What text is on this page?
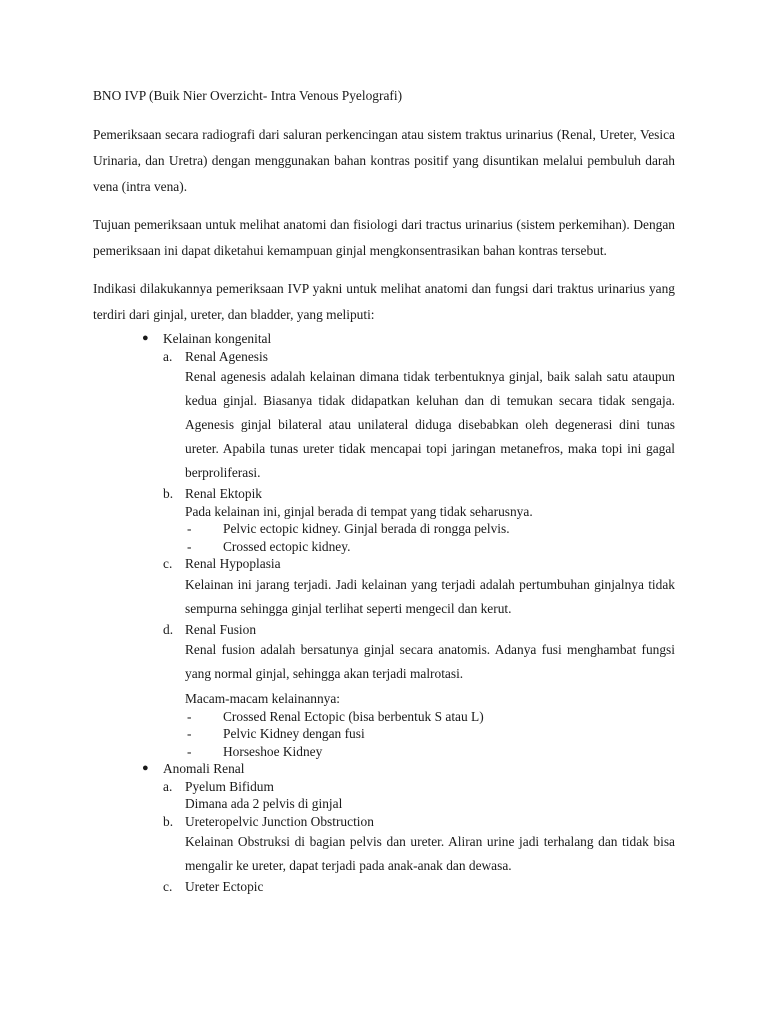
BNO IVP (Buik Nier Overzicht- Intra Venous Pyelografi)

Pemeriksaan secara radiografi dari saluran perkencingan atau sistem traktus urinarius (Renal, Ureter, Vesica Urinaria, dan Uretra) dengan menggunakan bahan kontras positif yang disuntikan melalui pembuluh darah vena (intra vena).

Tujuan pemeriksaan untuk melihat anatomi dan fisiologi dari tractus urinarius (sistem perkemihan). Dengan pemeriksaan ini dapat diketahui kemampuan ginjal mengkonsentrasikan bahan kontras tersebut.

Indikasi dilakukannya pemeriksaan IVP yakni untuk melihat anatomi dan fungsi dari traktus urinarius yang terdiri dari ginjal, ureter, dan bladder, yang meliputi:

● Kelainan kongenital
a. Renal Agenesis
Renal agenesis adalah kelainan dimana tidak terbentuknya ginjal, baik salah satu ataupun kedua ginjal. Biasanya tidak didapatkan keluhan dan di temukan secara tidak sengaja. Agenesis ginjal bilateral atau unilateral diduga disebabkan oleh degenerasi dini tunas ureter. Apabila tunas ureter tidak mencapai topi jaringan metanefros, maka topi ini gagal berproliferasi.
b. Renal Ektopik
Pada kelainan ini, ginjal berada di tempat yang tidak seharusnya.
- Pelvic ectopic kidney. Ginjal berada di rongga pelvis.
- Crossed ectopic kidney.
c. Renal Hypoplasia
Kelainan ini jarang terjadi. Jadi kelainan yang terjadi adalah pertumbuhan ginjalnya tidak sempurna sehingga ginjal terlihat seperti mengecil dan kerut.
d. Renal Fusion
Renal fusion adalah bersatunya ginjal secara anatomis. Adanya fusi menghambat fungsi yang normal ginjal, sehingga akan terjadi malrotasi.
Macam-macam kelainannya:
- Crossed Renal Ectopic (bisa berbentuk S atau L)
- Pelvic Kidney dengan fusi
- Horseshoe Kidney
● Anomali Renal
a. Pyelum Bifidum
Dimana ada 2 pelvis di ginjal
b. Ureteropelvic Junction Obstruction
Kelainan Obstruksi di bagian pelvis dan ureter. Aliran urine jadi terhalang dan tidak bisa mengalir ke ureter, dapat terjadi pada anak-anak dan dewasa.
c. Ureter Ectopic
